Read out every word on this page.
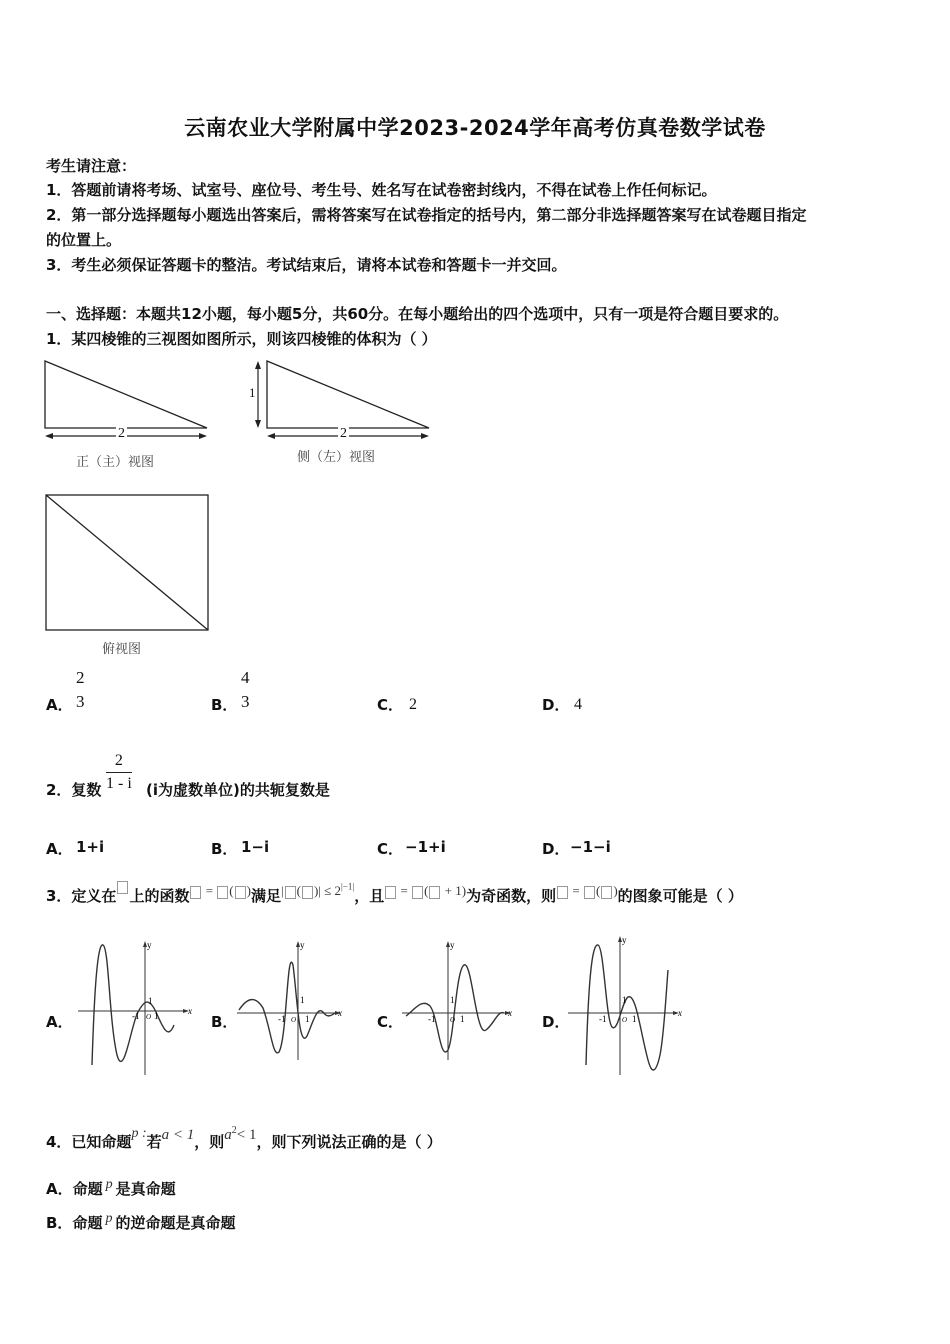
云南农业大学附属中学2023-2024学年高考仿真卷数学试卷
考生请注意：
1．答题前请将考场、试室号、座位号、考生号、姓名写在试卷密封线内，不得在试卷上作任何标记。
2．第一部分选择题每小题选出答案后，需将答案写在试卷指定的括号内，第二部分非选择题答案写在试卷题目指定
的位置上。
3．考生必须保证答题卡的整洁。考试结束后，请将本试卷和答题卡一并交回。
一、选择题：本题共12小题，每小题5分，共60分。在每小题给出的四个选项中，只有一项是符合题目要求的。
1．某四棱锥的三视图如图所示，则该四棱锥的体积为（ ）
2
正（主）视图
1
2
侧（左）视图
俯视图
A．
2
3	B．
4
3	C． 2	D． 4
2．复数 $\frac{2}{1 - i} (i$为虚数单位)的共轭复数是
A． 1+i	B． 1−i	C． −1+i	D． −1−i
3．定义在 上的函数 = ( )满足| ( )| ≤ $2^{|-1|}$，且 = ( + 1)为奇函数，则 = ( )的图象可能是（ ）
A．	B．	C．	D．
y
x
1
-1 O 1
y
x
1
-1 O 1
y
x
1
-1 O 1
y
x
1
-1 O 1
4．已知命题p :若a < 1，则$a^2< 1$，则下列说法正确的是（ ）
A．命题 p 是真命题
B．命题 p 的逆命题是真命题
